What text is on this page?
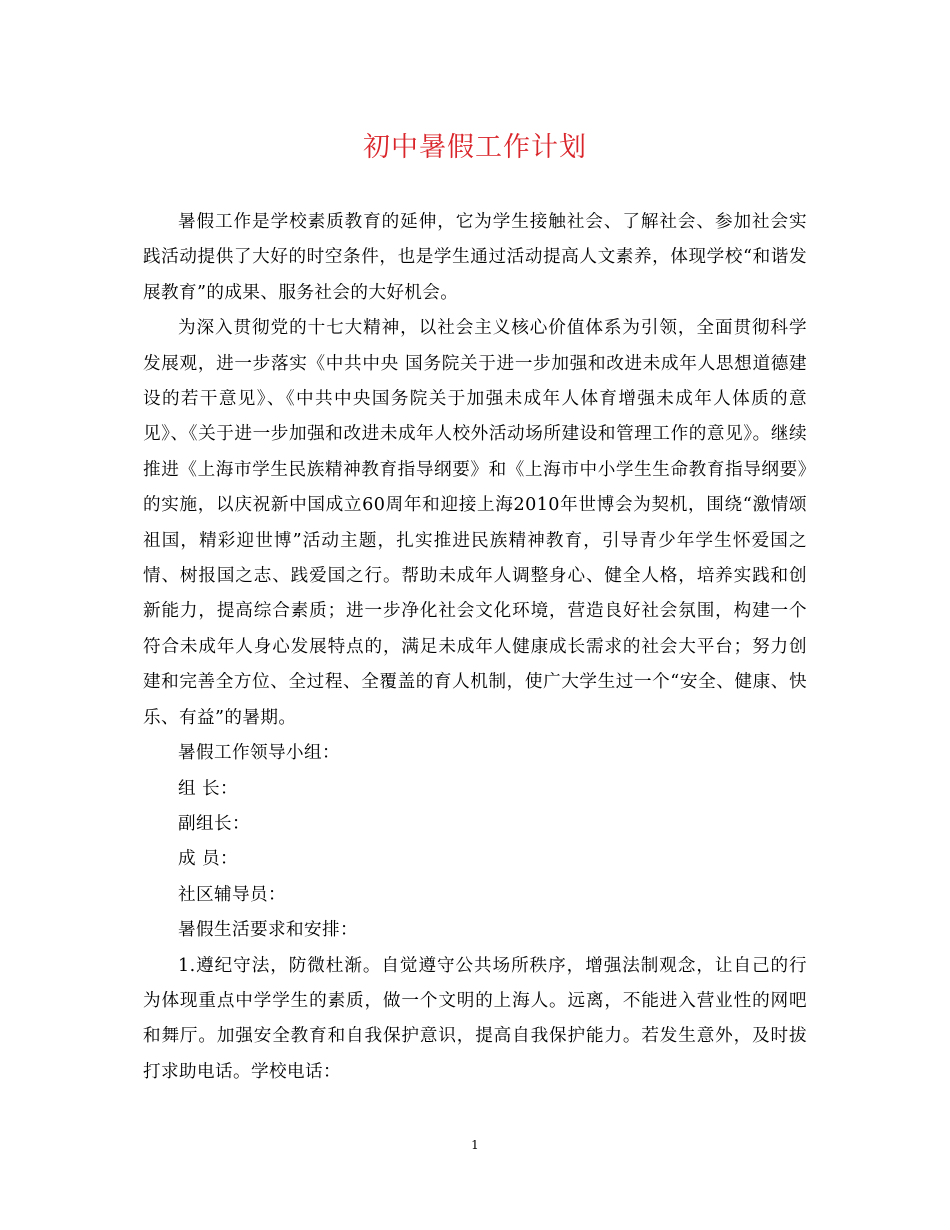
初中暑假工作计划

暑假工作是学校素质教育的延伸，它为学生接触社会、了解社会、参加社会实践活动提供了大好的时空条件，也是学生通过活动提高人文素养，体现学校“和谐发展教育”的成果、服务社会的大好机会。

为深入贯彻党的十七大精神，以社会主义核心价值体系为引领，全面贯彻科学发展观，进一步落实《中共中央 国务院关于进一步加强和改进未成年人思想道德建设的若干意见》、《中共中央国务院关于加强未成年人体育增强未成年人体质的意见》、《关于进一步加强和改进未成年人校外活动场所建设和管理工作的意见》。继续推进《上海市学生民族精神教育指导纲要》和《上海市中小学生生命教育指导纲要》的实施，以庆祝新中国成立60周年和迎接上海2010年世博会为契机，围绕“激情颂祖国，精彩迎世博”活动主题，扎实推进民族精神教育，引导青少年学生怀爱国之情、树报国之志、践爱国之行。帮助未成年人调整身心、健全人格，培养实践和创新能力，提高综合素质；进一步净化社会文化环境，营造良好社会氛围，构建一个符合未成年人身心发展特点的，满足未成年人健康成长需求的社会大平台；努力创建和完善全方位、全过程、全覆盖的育人机制，使广大学生过一个“安全、健康、快乐、有益”的暑期。

暑假工作领导小组：

组 长：

副组长：

成 员：

社区辅导员：

暑假生活要求和安排：

1.遵纪守法，防微杜渐。自觉遵守公共场所秩序，增强法制观念，让自己的行为体现重点中学学生的素质，做一个文明的上海人。远离，不能进入营业性的网吧和舞厅。加强安全教育和自我保护意识，提高自我保护能力。若发生意外，及时拔打求助电话。学校电话：

1
